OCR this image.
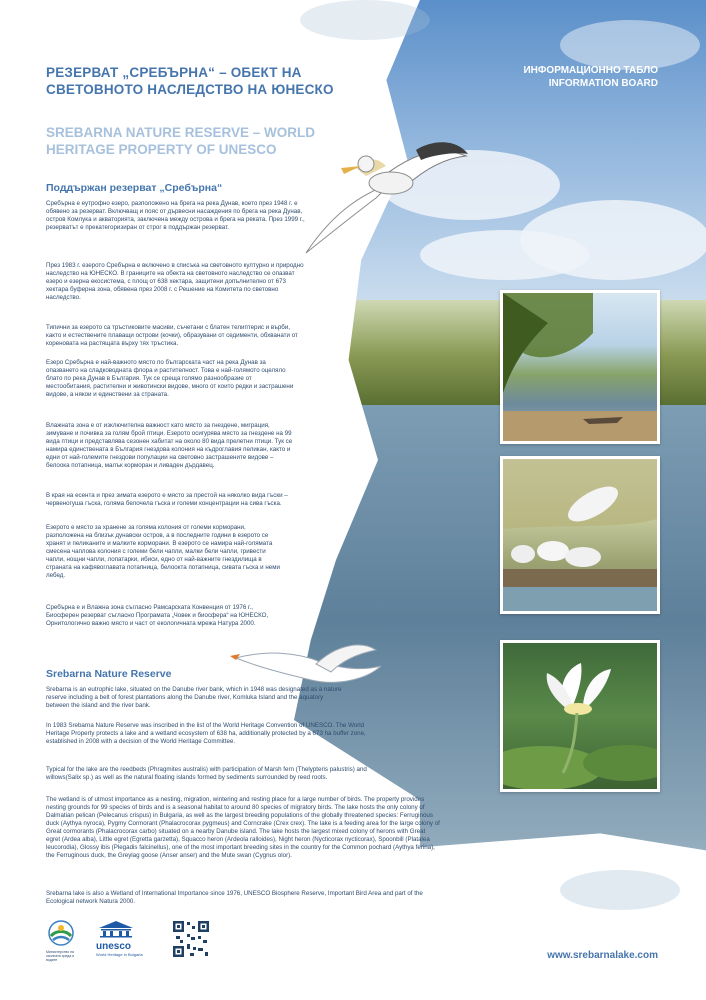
РЕЗЕРВАТ „СРЕБЪРНА“ – ОБЕКТ НА СВЕТОВНОТО НАСЛЕДСТВО НА ЮНЕСКО
SREBARNA NATURE RESERVE – WORLD HERITAGE PROPERTY OF UNESCO
ИНФОРМАЦИОННО ТАБЛО
INFORMATION BOARD
Поддържан резерват „Сребърна“

Сребърна е еутрофно езеро, разположено на брега на река Дунав, което през 1948 г. е обявено за резерват. Включващ и пояс от дървесни насаждения по брега на река Дунав, остров Комлука и акваторията, заключена между острова и брега на реката. През 1999 г., резерватът е прекатегоризиран от строг в поддържан резерват.

През 1983 г. езерото Сребърна е включено в списъка на световното културно и природно наследство на ЮНЕСКО. В границите на обекта на световното наследство се опазват езеро и езерна екосистема, с площ от 638 хектара, защитени допълнително от 673 хектара буферна зона, обявена през 2008 г. с Решение на Комитета по световно наследство.

Типични за езерото са тръстиковите масиви, съчетани с блатен телиптерис и върби, както и естествените плаващи острови (кочки), образувани от седименти, обхванати от кореновата на растящата върху тях тръстика.

Езеро Сребърна е най-важното място по българската част на река Дунав за опазването на сладководната флора и растителност. Това е най-голямото оцеляло блато по река Дунав в България. Тук се среща голямо разнообразие от местообитания, растителни и животински видове, много от които редки и застрашени видове, а някои и единствени за страната.

Влажната зона е от изключителна важност като място за гнездене, миграция, зимуване и почивка за голям брой птици. Езерото осигурява място за гнездене на 99 вида птици и представлява сезонен хабитат на около 80 вида прелетни птици. Тук се намира единствената в България гнездова колония на къдроглавия пеликан, както и едни от най-големите гнездови популации на световно застрашените видове – белоока потапница, малък корморан и ливаден дърдавец.

В края на есента и през зимата езерото е място за престой на няколко вида гъски – червеногуша гъска, голяма белочела гъска и големи концентрации на сива гъска.

Езерото е място за хранене за голяма колония от големи корморани, разположена на близък дунавски остров, а в последните години в езерото се хранят и пеликаните и малките корморани. В езерото се намира най-голямата смесена чаплова колония с големи бели чапли, малки бели чапли, гривести чапли, нощни чапли, лопатарки, ибиси, едно от най-важните гнездилища в страната на кафявоглавата потапница, белоокта потапница, сивата гъска и неми лебед.

Сребърна е и Влажна зона съгласно Рамсарската Конвенция от 1976 г., Биосферен резерват съгласно Програмата „Човек и биосфера“ на ЮНЕСКО, Орнитологично важно място и част от екологичната мрежа Натура 2000.

Srebarna Nature Reserve

Srebarna is an eutrophic lake, situated on the Danube river bank, which in 1948 was designated as a nature reserve including a belt of forest plantations along the Danube river, Komluka Island and the aquatory between the island and the river bank.

In 1983 Srebarna Nature Reserve was inscribed in the list of the World Heritage Convention of UNESCO. The World Heritage Property protects a lake and a wetland ecosystem of 638 ha, additionally protected by a 673 ha buffer zone, established in 2008 with a decision of the World Heritage Committee.

Typical for the lake are the reedbeds (Phragmites australis) with participation of Marsh fern (Thelypteris palustris) and willows(Salix sp.) as well as the natural floating islands formed by sediments surrounded by reed roots.

The wetland is of utmost importance as a nesting, migration, wintering and resting place for a large number of birds. The property provides nesting grounds for 99 species of birds and is a seasonal habitat to around 80 species of migratory birds. The lake hosts the only colony of Dalmatian pelican (Pelecanus crispus) in Bulgaria, as well as the largest breeding populations of the globally threatened species: Ferruginous duck (Aythya nyroca), Pygmy Cormorant (Phalacrocorax pygmeus) and Corncrake (Crex crex). The lake is a feeding area for the large colony of Great cormorants (Phalacrocorax carbo) situated on a nearby Danube island. The lake hosts the largest mixed colony of herons with Great egret (Ardea alba), Little egret (Egretta garzetta), Squacco heron (Ardeola ralloides), Night heron (Nycticorax nycticorax), Spoonbill (Platalea leucorodia), Glossy ibis (Plegadis falcinellus), one of the most important breeding sites in the country for the Common pochard (Aythya ferina), the Ferruginous duck, the Greylag goose (Anser anser) and the Mute swan (Cygnus olor).

Srebarna lake is also a Wetland of International Importance since 1976, UNESCO Biosphere Reserve, Important Bird Area and part of the Ecological network Natura 2000.

Министерство на околната среда и водите
unesco
World Heritage in Bulgaria	www.srebarnalake.com
